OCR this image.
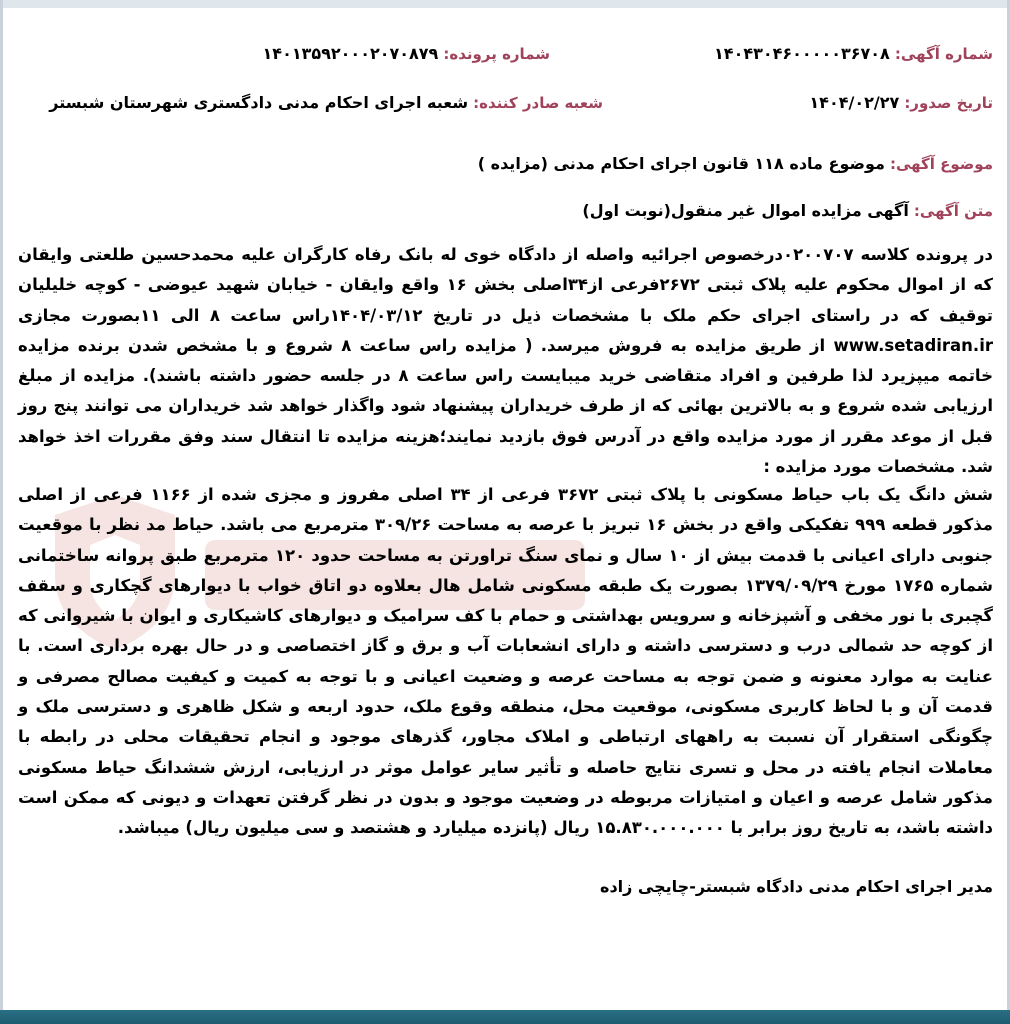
شماره آگهی: ۱۴۰۴۳۰۴۶۰۰۰۰۰۳۶۷۰۸
شماره پرونده: ۱۴۰۱۳۵۹۲۰۰۰۲۰۷۰۸۷۹
تاریخ صدور: ۱۴۰۴/۰۲/۲۷
شعبه صادر کننده: شعبه اجرای احکام مدنی دادگستری شهرستان شبستر
موضوع آگهی: موضوع ماده ۱۱۸ قانون اجرای احکام مدنی (مزایده )
متن آگهی: آگهی مزایده اموال غیر منقول(نوبت اول)

در پرونده کلاسه ۰۲۰۰۷۰۷درخصوص اجرائیه واصله از دادگاه خوی له بانک رفاه کارگران علیه محمدحسین طلعتی وایقان که از اموال محکوم علیه پلاک ثبتی ۲۶۷۲فرعی از۳۴اصلی بخش ۱۶ واقع وایقان - خیابان شهید عیوضی - کوچه خلیلیان توقیف که در راستای اجرای حکم ملک با مشخصات ذیل در تاریخ ۱۴۰۴/۰۳/۱۲راس ساعت ۸ الی ۱۱بصورت مجازی www.setadiran.ir از طریق مزایده به فروش میرسد. ( مزایده راس ساعت ۸ شروع و با مشخص شدن برنده مزایده خاتمه میپزیرد لذا طرفین و افراد متقاضی خرید میبایست راس ساعت ۸ در جلسه حضور داشته باشند). مزایده از مبلغ ارزیابی شده شروع و به بالاترین بهائی که از طرف خریداران پیشنهاد شود واگذار خواهد شد خریداران می توانند پنج روز قبل از موعد مقرر از مورد مزایده واقع در آدرس فوق بازدید نمایند؛هزینه مزایده تا انتقال سند وفق مقررات اخذ خواهد شد. مشخصات مورد مزایده :

شش دانگ یک باب حیاط مسکونی با پلاک ثبتی ۳۶۷۲ فرعی از ۳۴ اصلی مفروز و مجزی شده از ۱۱۶۶ فرعی از اصلی مذکور قطعه ۹۹۹ تفکیکی واقع در بخش ۱۶ تبریز با عرصه به مساحت ۳۰۹/۲۶ مترمربع می باشد. حیاط مد نظر با موقعیت جنوبی دارای اعیانی با قدمت بیش از ۱۰ سال و نمای سنگ تراورتن به مساحت حدود ۱۲۰ مترمربع طبق پروانه ساختمانی شماره ۱۷۶۵ مورخ ۱۳۷۹/۰۹/۲۹ بصورت یک طبقه مسکونی شامل هال بعلاوه دو اتاق خواب با دیوارهای گچکاری و سقف گچبری با نور مخفی و آشپزخانه و سرویس بهداشتی و حمام با کف سرامیک و دیوارهای کاشیکاری و ایوان با شیروانی که از کوچه حد شمالی درب و دسترسی داشته و دارای انشعابات آب و برق و گاز اختصاصی و در حال بهره برداری است. با عنایت به موارد معنونه و ضمن توجه به مساحت عرصه و وضعیت اعیانی و با توجه به کمیت و کیفیت مصالح مصرفی و قدمت آن و با لحاظ کاربری مسکونی، موقعیت محل، منطقه وقوع ملک، حدود اربعه و شکل ظاهری و دسترسی ملک و چگونگی استقرار آن نسبت به راههای ارتباطی و املاک مجاور، گذرهای موجود و انجام تحقیقات محلی در رابطه با معاملات انجام یافته در محل و تسری نتایج حاصله و تأثیر سایر عوامل موثر در ارزیابی، ارزش ششدانگ حیاط مسکونی مذکور شامل عرصه و اعیان و امتیازات مربوطه در وضعیت موجود و بدون در نظر گرفتن تعهدات و دیونی که ممکن است داشته باشد، به تاریخ روز برابر با ۱۵.۸۳۰.۰۰۰.۰۰۰ ریال (پانزده میلیارد و هشتصد و سی میلیون ریال) میباشد.

مدیر اجرای احکام مدنی دادگاه شبستر-چایچی زاده
